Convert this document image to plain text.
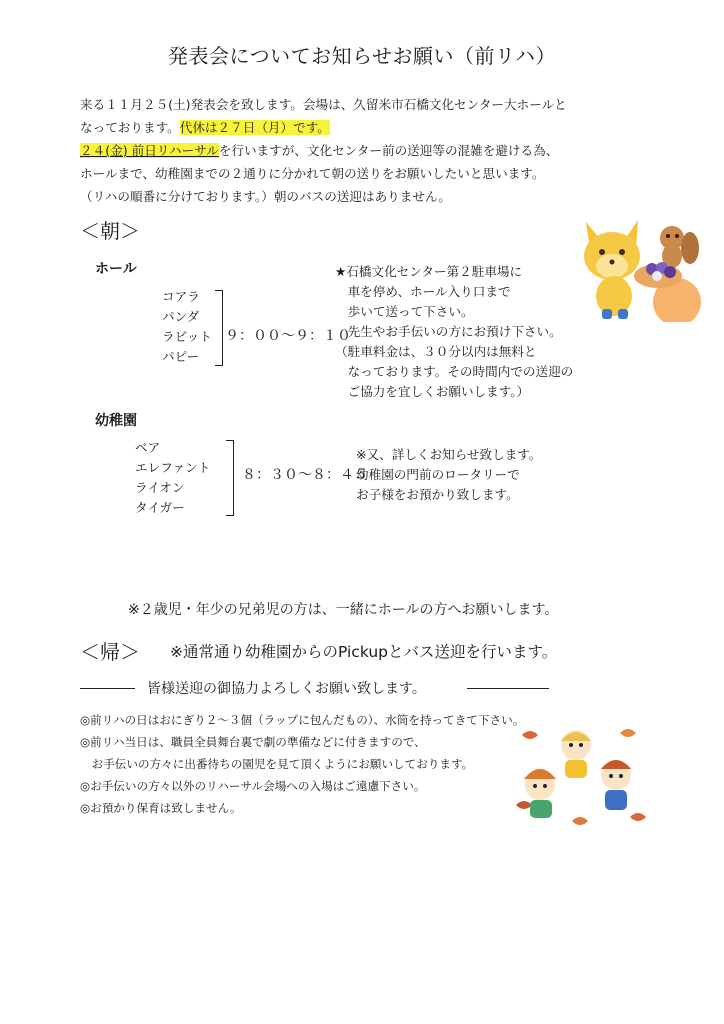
発表会についてお知らせお願い（前リハ）
来る１１月２５(土)発表会を致します。会場は、久留米市石橋文化センター大ホールと
なっております。代休は２７日（月）です。
２４(金) 前日リハーサルを行いますが、文化センター前の送迎等の混雑を避ける為、
ホールまで、幼稚園までの２通りに分かれて朝の送りをお願いしたいと思います。
（リハの順番に分けております。）朝のバスの送迎はありません。
＜朝＞
ホール
コアラ
パンダ
ラビット
パピー
９：００～９：１０
★石橋文化センター第２駐車場に
　車を停め、ホール入り口まで
　歩いて送って下さい。
　先生やお手伝いの方にお預け下さい。
（駐車料金は、３０分以内は無料と
　なっております。その時間内での送迎の
　ご協力を宜しくお願いします。）
幼稚園
ベア
エレファント
ライオン
タイガー
８：３０～８：４５
※又、詳しくお知らせ致します。
幼稚園の門前のロータリーで
お子様をお預かり致します。
※２歳児・年少の兄弟児の方は、一緒にホールの方へお願いします。
＜帰＞ ※通常通り幼稚園からのPickupとバス送迎を行います。
皆様送迎の御協力よろしくお願い致します。
◎前リハの日はおにぎり２～３個（ラップに包んだもの）、水筒を持ってきて下さい。
◎前リハ当日は、職員全員舞台裏で劇の準備などに付きますので、
　お手伝いの方々に出番待ちの園児を見て頂くようにお願いしております。
◎お手伝いの方々以外のリハーサル会場への入場はご遠慮下さい。
◎お預かり保育は致しません。
